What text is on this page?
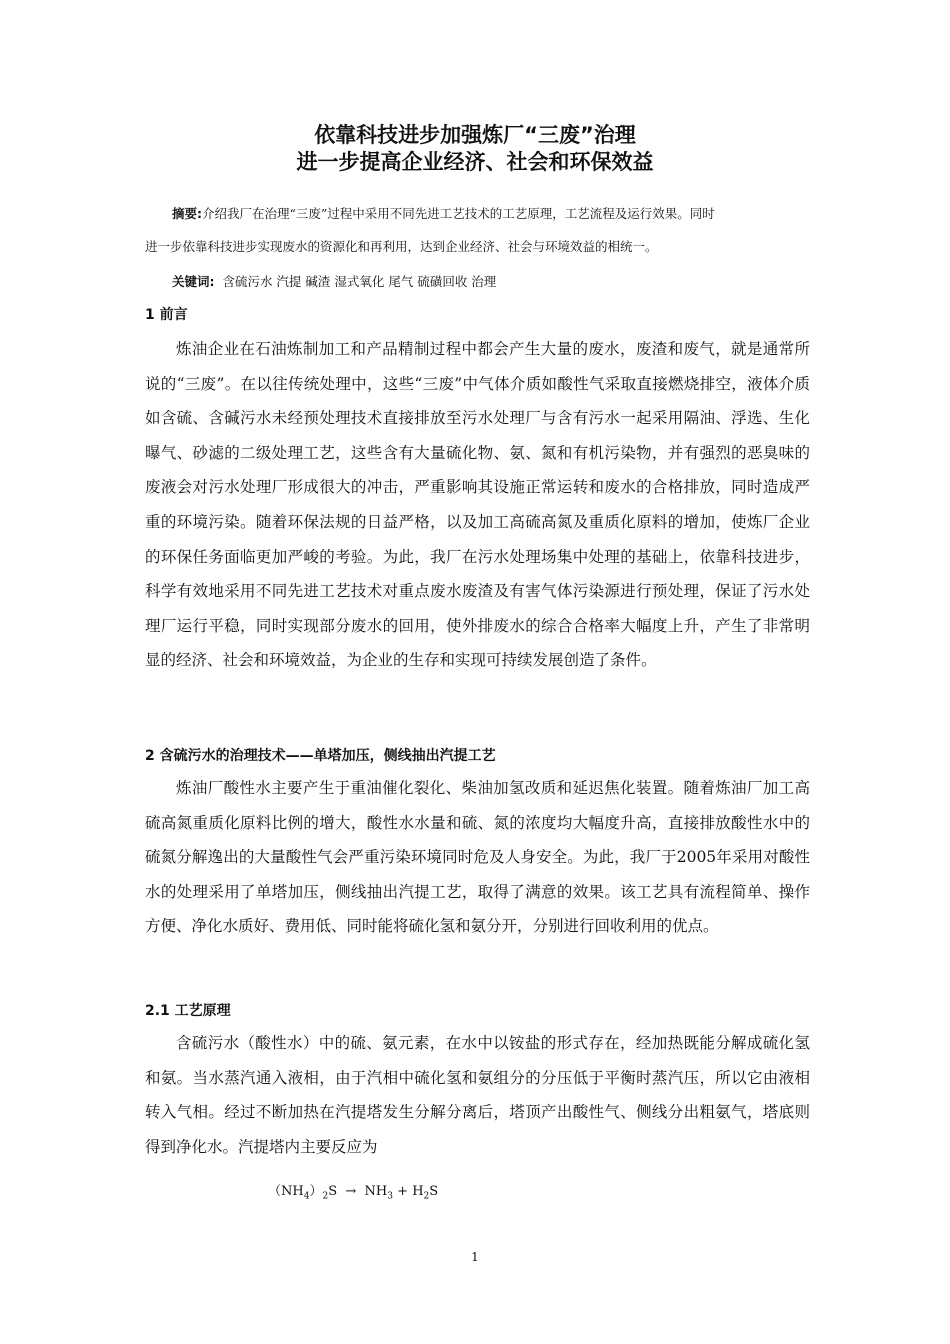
依靠科技进步加强炼厂“三废”治理
进一步提高企业经济、社会和环保效益
摘要:介绍我厂在治理“三废”过程中采用不同先进工艺技术的工艺原理，工艺流程及运行效果。同时
进一步依靠科技进步实现废水的资源化和再利用，达到企业经济、社会与环境效益的相统一。
关键词: 含硫污水 汽提 碱渣 湿式氧化 尾气 硫磺回收 治理
1 前言

炼油企业在石油炼制加工和产品精制过程中都会产生大量的废水，废渣和废气，就是通常所说的“三废”。在以往传统处理中，这些“三废”中气体介质如酸性气采取直接燃烧排空，液体介质如含硫、含碱污水未经预处理技术直接排放至污水处理厂与含有污水一起采用隔油、浮选、生化曝气、砂滤的二级处理工艺，这些含有大量硫化物、氨、氮和有机污染物，并有强烈的恶臭味的废液会对污水处理厂形成很大的冲击，严重影响其设施正常运转和废水的合格排放，同时造成严重的环境污染。随着环保法规的日益严格，以及加工高硫高氮及重质化原料的增加，使炼厂企业的环保任务面临更加严峻的考验。为此，我厂在污水处理场集中处理的基础上，依靠科技进步，科学有效地采用不同先进工艺技术对重点废水废渣及有害气体污染源进行预处理，保证了污水处理厂运行平稳，同时实现部分废水的回用，使外排废水的综合合格率大幅度上升，产生了非常明显的经济、社会和环境效益，为企业的生存和实现可持续发展创造了条件。

2 含硫污水的治理技术——单塔加压，侧线抽出汽提工艺

炼油厂酸性水主要产生于重油催化裂化、柴油加氢改质和延迟焦化装置。随着炼油厂加工高硫高氮重质化原料比例的增大，酸性水水量和硫、氮的浓度均大幅度升高，直接排放酸性水中的硫氮分解逸出的大量酸性气会严重污染环境同时危及人身安全。为此，我厂于2005年采用对酸性水的处理采用了单塔加压，侧线抽出汽提工艺，取得了满意的效果。该工艺具有流程简单、操作方便、净化水质好、费用低、同时能将硫化氢和氨分开，分别进行回收利用的优点。

2.1 工艺原理

含硫污水（酸性水）中的硫、氨元素，在水中以铵盐的形式存在，经加热既能分解成硫化氢和氨。当水蒸汽通入液相，由于汽相中硫化氢和氨组分的分压低于平衡时蒸汽压，所以它由液相转入气相。经过不断加热在汽提塔发生分解分离后，塔顶产出酸性气、侧线分出粗氨气，塔底则得到净化水。汽提塔内主要反应为

$(NH_4)_2S \to NH_3 + H_2S$
1
